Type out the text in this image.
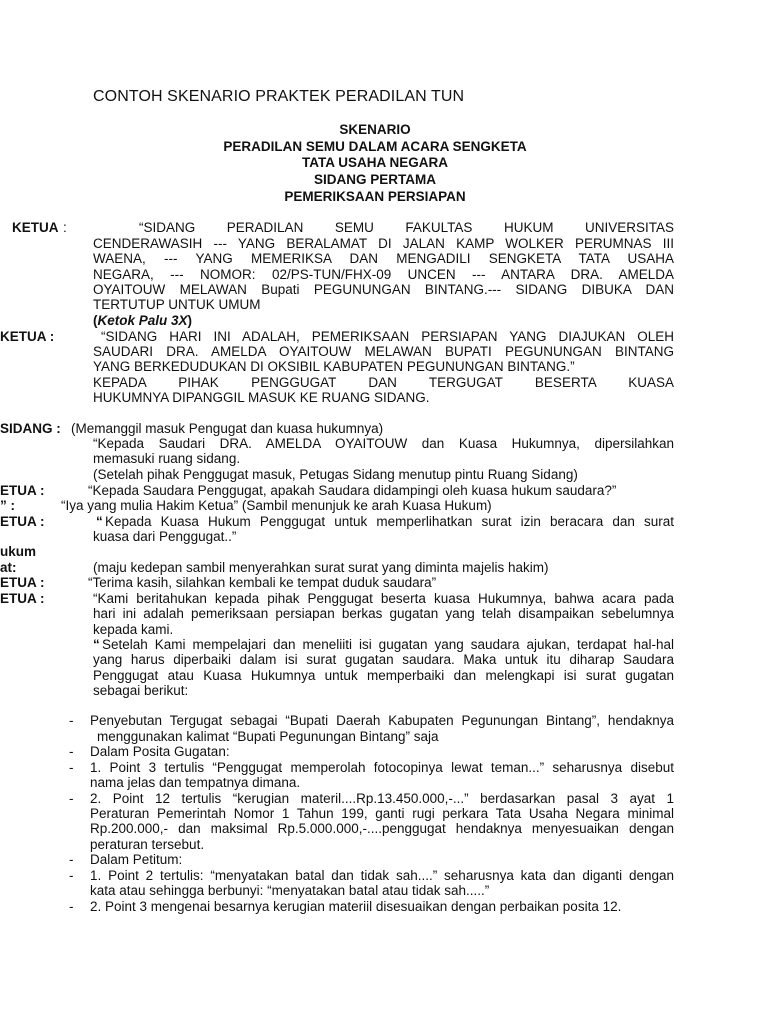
CONTOH SKENARIO PRAKTEK PERADILAN TUN
SKENARIO
PERADILAN SEMU DALAM ACARA SENGKETA
TATA USAHA NEGARA
SIDANG PERTAMA
PEMERIKSAAN PERSIAPAN
KETUA :	“SIDANG PERADILAN SEMU FAKULTAS HUKUM UNIVERSITAS
CENDERAWASIH --- YANG BERALAMAT DI JALAN KAMP WOLKER PERUMNAS III
WAENA, --- YANG MEMERIKSA DAN MENGADILI SENGKETA TATA USAHA
NEGARA, --- NOMOR: 02/PS-TUN/FHX-09 UNCEN --- ANTARA DRA. AMELDA
OYAITOUW MELAWAN Bupati PEGUNUNGAN BINTANG.--- SIDANG DIBUKA DAN
TERTUTUP UNTUK UMUM
(Ketok Palu 3X)
KETUA :	“SIDANG HARI INI ADALAH, PEMERIKSAAN PERSIAPAN YANG DIAJUKAN OLEH
SAUDARI DRA. AMELDA OYAITOUW MELAWAN BUPATI PEGUNUNGAN BINTANG
YANG BERKEDUDUKAN DI OKSIBIL KABUPATEN PEGUNUNGAN BINTANG.”
KEPADA PIHAK PENGGUGAT DAN TERGUGAT BESERTA KUASA
HUKUMNYA DIPANGGIL MASUK KE RUANG SIDANG.
SIDANG : (Memanggil masuk Pengugat dan kuasa hukumnya)
“Kepada Saudari DRA. AMELDA OYAITOUW dan Kuasa Hukumnya, dipersilahkan
memasuki ruang sidang.
(Setelah pihak Penggugat masuk, Petugas Sidang menutup pintu Ruang Sidang)
ETUA :	“Kepada Saudara Penggugat, apakah Saudara didampingi oleh kuasa hukum saudara?”
” :	“Iya yang mulia Hakim Ketua” (Sambil menunjuk ke arah Kuasa Hukum)
ETUA :	“ Kepada Kuasa Hukum Penggugat untuk memperlihatkan surat izin beracara dan surat
kuasa dari Penggugat..”
ukum
at:	(maju kedepan sambil menyerahkan surat surat yang diminta majelis hakim)
ETUA :	“Terima kasih, silahkan kembali ke tempat duduk saudara”
ETUA :	“Kami beritahukan kepada pihak Penggugat beserta kuasa Hukumnya, bahwa acara pada
hari ini adalah pemeriksaan persiapan berkas gugatan yang telah disampaikan sebelumnya
kepada kami.
“ Setelah Kami mempelajari dan meneliiti isi gugatan yang saudara ajukan, terdapat hal-hal
yang harus diperbaiki dalam isi surat gugatan saudara. Maka untuk itu diharap Saudara
Penggugat atau Kuasa Hukumnya untuk memperbaiki dan melengkapi isi surat gugatan
sebagai berikut:
- Penyebutan Tergugat sebagai “Bupati Daerah Kabupaten Pegunungan Bintang”, hendaknya
menggunakan kalimat “Bupati Pegunungan Bintang” saja
- Dalam Posita Gugatan:
- 1. Point 3 tertulis “Penggugat memperolah fotocopinya lewat teman...” seharusnya disebut
nama jelas dan tempatnya dimana.
- 2. Point 12 tertulis “kerugian materil....Rp.13.450.000,-...” berdasarkan pasal 3 ayat 1
Peraturan Pemerintah Nomor 1 Tahun 199, ganti rugi perkara Tata Usaha Negara minimal
Rp.200.000,- dan maksimal Rp.5.000.000,-....penggugat hendaknya menyesuaikan dengan
peraturan tersebut.
- Dalam Petitum:
- 1. Point 2 tertulis: “menyatakan batal dan tidak sah....” seharusnya kata dan diganti dengan
kata atau sehingga berbunyi: “menyatakan batal atau tidak sah.....”
- 2. Point 3 mengenai besarnya kerugian materiil disesuaikan dengan perbaikan posita 12.
